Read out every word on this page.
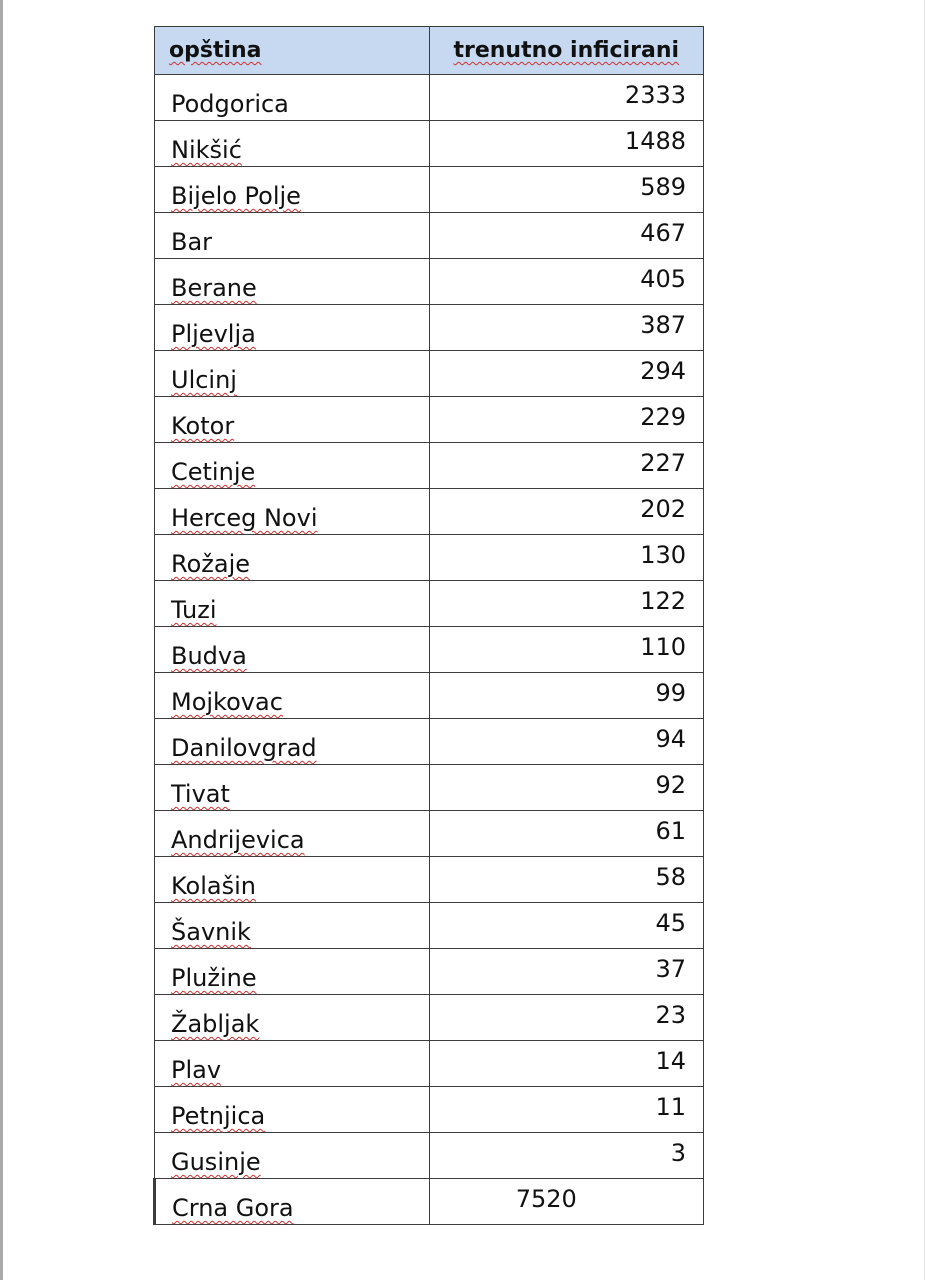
opština	trenutno inficirani
Podgorica	2333
Nikšić	1488
Bijelo Polje	589
Bar	467
Berane	405
Pljevlja	387
Ulcinj	294
Kotor	229
Cetinje	227
Herceg Novi	202
Rožaje	130
Tuzi	122
Budva	110
Mojkovac	99
Danilovgrad	94
Tivat	92
Andrijevica	61
Kolašin	58
Šavnik	45
Plužine	37
Žabljak	23
Plav	14
Petnjica	11
Gusinje	3
Crna Gora	7520
